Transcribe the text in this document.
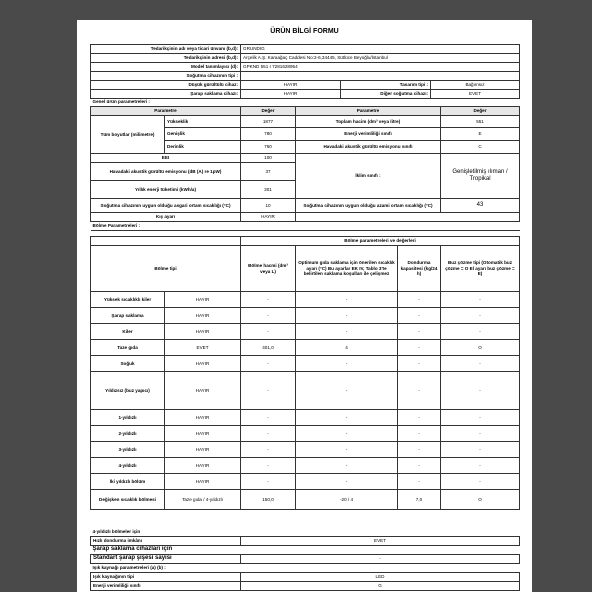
ÜRÜN BİLGİ FORMU
Tedarikçinin adı veya ticari ünvanı (b,d):	GRUNDIG		
Tedarikçinin adresi (b,d):	Arçelik A.Ş. Karaağaç Caddesi No:2-6,34445, Sütlüce Beyoğlu/İstanbul		
Model tanımlayıcı (d):	GPKND 551 I 7281628954		
Soğutma cihazının tipi :			
Düşük gürültülü cihaz:	HAYIR	Tasarım tipi :	Bağımsız
Şarap saklama cihazı:	HAYIR	Diğer soğutma cihazı:	EVET
Genel ürün parametreleri :				
Parametre		Değer	Parametre	Değer
Tüm boyutlar (milimetre)	Yükseklik	1877	Toplam hacim (dm³ veya litre)	551
	Genişlik	780	Enerji verimliliği sınıfı	E
	Derinlik	760	Havadaki akustik gürültü emisyonu sınıfı	C
EEI		100	İklim sınıfı :	Genişletilmiş ılıman / Tropikal
Havadaki akustik gürültü emisyonu (dB (A) re 1pW)		37		
Yıllık enerji tüketimi (kWh/a)		301		
Soğutma cihazının uygun olduğu asgari ortam sıcaklığı (°C)		10	Soğutma cihazının uygun olduğu azami ortam sıcaklığı (°C)	43
Kış ayarı		HAYIR		
Bölme Parametreleri :				
		Bölme parametreleri ve değerleri			
Bölme tipi		Bölme hacmi (dm³ veya L)	Optimum gıda saklama için önerilen sıcaklık ayarı (°C) Bu ayarlar EK IV, Tablo 3'te belirtilen saklama koşulları ile çelişmez	Dondurma kapasitesi (kg/24 h)	Buz çözme tipi (Otomatik buz çözme = O El ayarı buz çözme = E)
Yüksek sıcaklıklı kiler	HAYIR	-	-	-	-
Şarap saklama	HAYIR	-	-	-	-
Kiler	HAYIR	-	-	-	-
Taze gıda	EVET	401,0	4	-	O
Soğuk	HAYIR	-	-	-	-
Yıldızsız (buz yapıcı)	HAYIR	-	-	-	-
1-yıldızlı	HAYIR	-	-	-	-
2-yıldızlı	HAYIR	-	-	-	-
3-yıldızlı	HAYIR	-	-	-	-
4-yıldızlı	HAYIR	-	-	-	-
İki yıldızlı bölüm	HAYIR	-	-	-	-
Değişken sıcaklık bölmesi	Taze gıda / 4-yıldızlı	150,0	-20 / 4	7,0	O
4-yıldızlı bölmeler için	
Hızlı dondurma imkânı	EVET
Şarap saklama cihazları için	
Standart şarap şişesi sayısı	-
Işık kaynağı parametreleri (a) (b) :	
Işık kaynağının tipi	LED
Enerji verimliliği sınıfı	G
